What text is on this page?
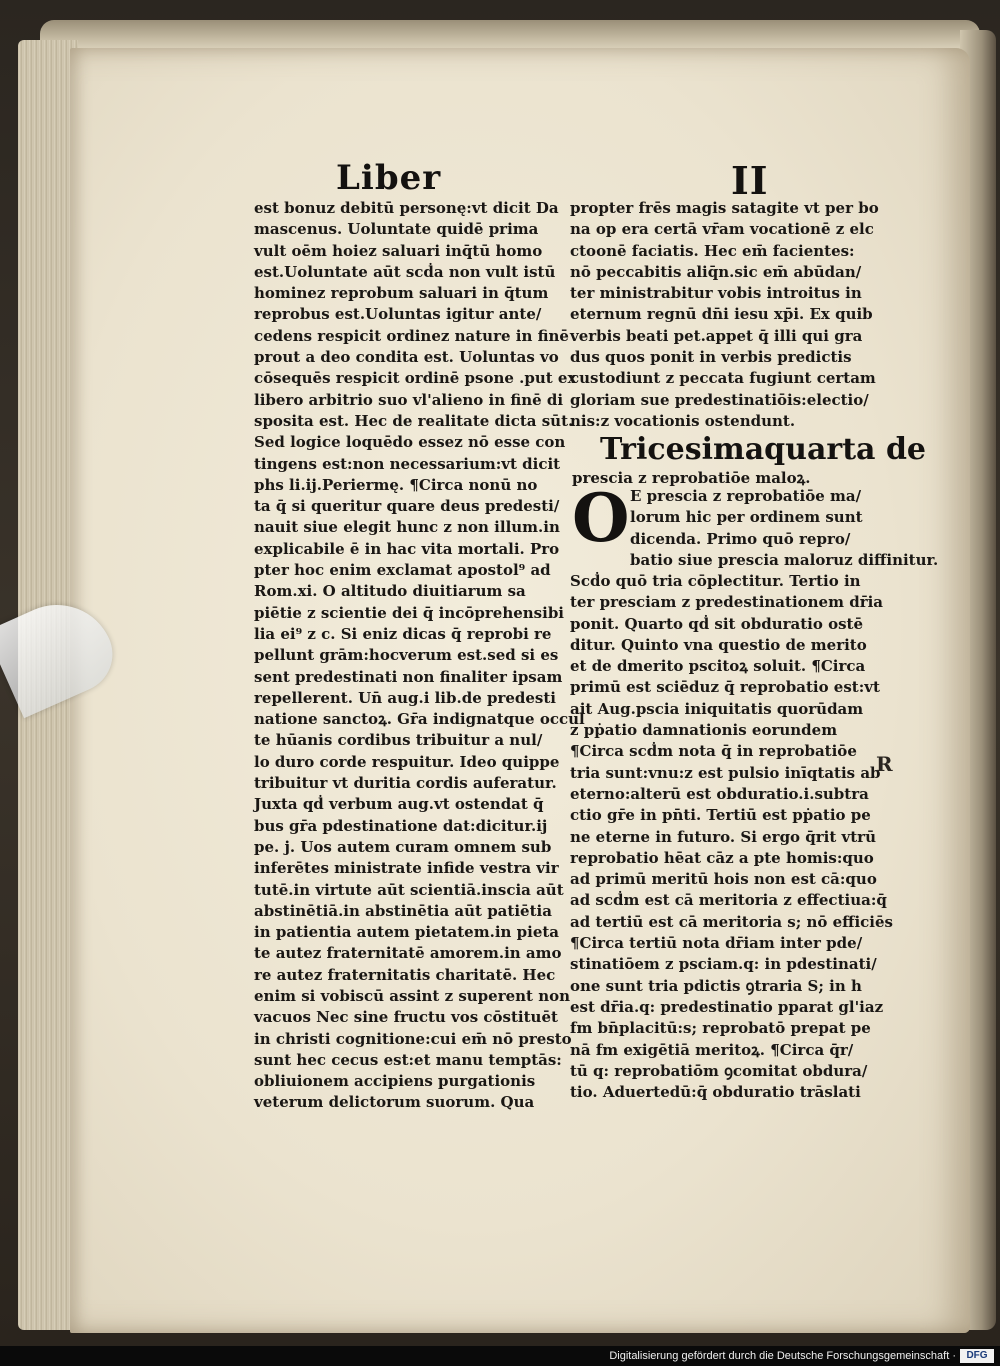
Liber	II
est bonuz debitū personę:vt dicit Da
mascenus. Uoluntate quidē prima
vult oēm hoiez saluari inq̄tū homo
est.Uoluntate aūt scḋa non vult istū
hominez reprobum saluari in q̄tum
reprobus est.Uoluntas igitur ante/
cedens respicit ordinez nature in finē
prout a deo condita est. Uoluntas vo
cōsequēs respicit ordinē psone .put ex
libero arbitrio suo vl'alieno in finē di
sposita est. Hec de realitate dicta sūt.
Sed logice loquēdo essez nō esse con
tingens est:non necessarium:vt dicit
phs li.ij.Periermę. ¶Circa nonū no
ta q̄ si queritur quare deus predesti/
nauit siue elegit hunc z non illum.in
explicabile ē in hac vita mortali. Pro
pter hoc enim exclamat apostol⁹ ad
Rom.xi. O altitudo diuitiarum sa
piētie z scientie dei q̄ incōprehensibi
lia ei⁹ z c. Si eniz dicas q̄ reprobi re
pellunt grām:hocverum est.sed si es
sent predestinati non finaliter ipsam
repellerent. Un̄ aug.i lib.de predesti
natione sanctoꝝ. Gr̄a indignatque occul
te hūanis cordibus tribuitur a nul/
lo duro corde respuitur. Ideo quippe
tribuitur vt duritia cordis auferatur.
Juxta qḋ verbum aug.vt ostendat q̄
bus gr̄a pdestinatione dat:dicitur.ij
pe. j. Uos autem curam omnem sub
inferētes ministrate infide vestra vir
tutē.in virtute aūt scientiā.inscia aūt
abstinētiā.in abstinētia aūt patiētia
in patientia autem pietatem.in pieta
te autez fraternitatē amorem.in amo
re autez fraternitatis charitatē. Hec
enim si vobiscū assint z superent non
vacuos Nec sine fructu vos cōstituēt
in christi cognitione:cui em̄ nō presto
sunt hec cecus est:et manu temptās:
obliuionem accipiens purgationis
veterum delictorum suorum. Qua
propter frēs magis satagite vt per bo
na op era certā vr̄am vocationē z elc
ctoonē faciatis. Hec em̄ facientes:
nō peccabitis aliq̄n.sic em̄ abūdan/
ter ministrabitur vobis introitus in
eternum regnū dn̄i iesu xp̄i. Ex quib
verbis beati pet.appet q̄ illi qui gra
dus quos ponit in verbis predictis
custodiunt z peccata fugiunt certam
gloriam sue predestinatiōis:electio/
nis:z vocationis ostendunt.
Tricesimaquarta de
prescia z reprobatiōe maloꝝ.
O E prescia z reprobatiōe ma/
lorum hic per ordinem sunt
dicenda. Primo quō repro/
batio siue prescia maloruz diffinitur.
Scḋo quō tria cōplectitur. Tertio in
ter presciam z predestinationem dr̄ia
ponit. Quarto qḋ sit obduratio ostē
ditur. Quinto vna questio de merito
et de dmerito pscitoꝝ soluit. ¶Circa
primū est sciēduz q̄ reprobatio est:vt
ait Aug.pscia iniquitatis quorūdam
z pṗatio damnationis eorundem
¶Circa scḋm nota q̄ in reprobatiōe
tria sunt:vnu:z est pulsio inīqtatis ab
eterno:alterū est obduratio.i.subtra
ctio gr̄e in pn̄ti. Tertiū est pṗatio pe
ne eterne in futuro. Si ergo q̄rit vtrū
reprobatio hēat cāz a pte homis:quo
ad primū meritū hois non est cā:quo
ad scḋm est cā meritoria z effectiua:q̄
ad tertiū est cā meritoria s; nō efficiēs
¶Circa tertiū nota dr̄iam inter pde/
stinatiōem z psciam.q: in pdestinati/
one sunt tria pdictis ꝯtraria S; in h
est dr̄ia.q: predestinatio pparat gl'iaz
fm bn̄placitū:s; reprobatō prepat pe
nā fm exigētiā meritoꝝ. ¶Circa q̄r/
tū q: reprobatiōm ꝯcomitat obdura/
tio. Aduertedū:q̄ obduratio trāslati
R
Digitalisierung gefördert durch die Deutsche Forschungsgemeinschaft ·	DFG
